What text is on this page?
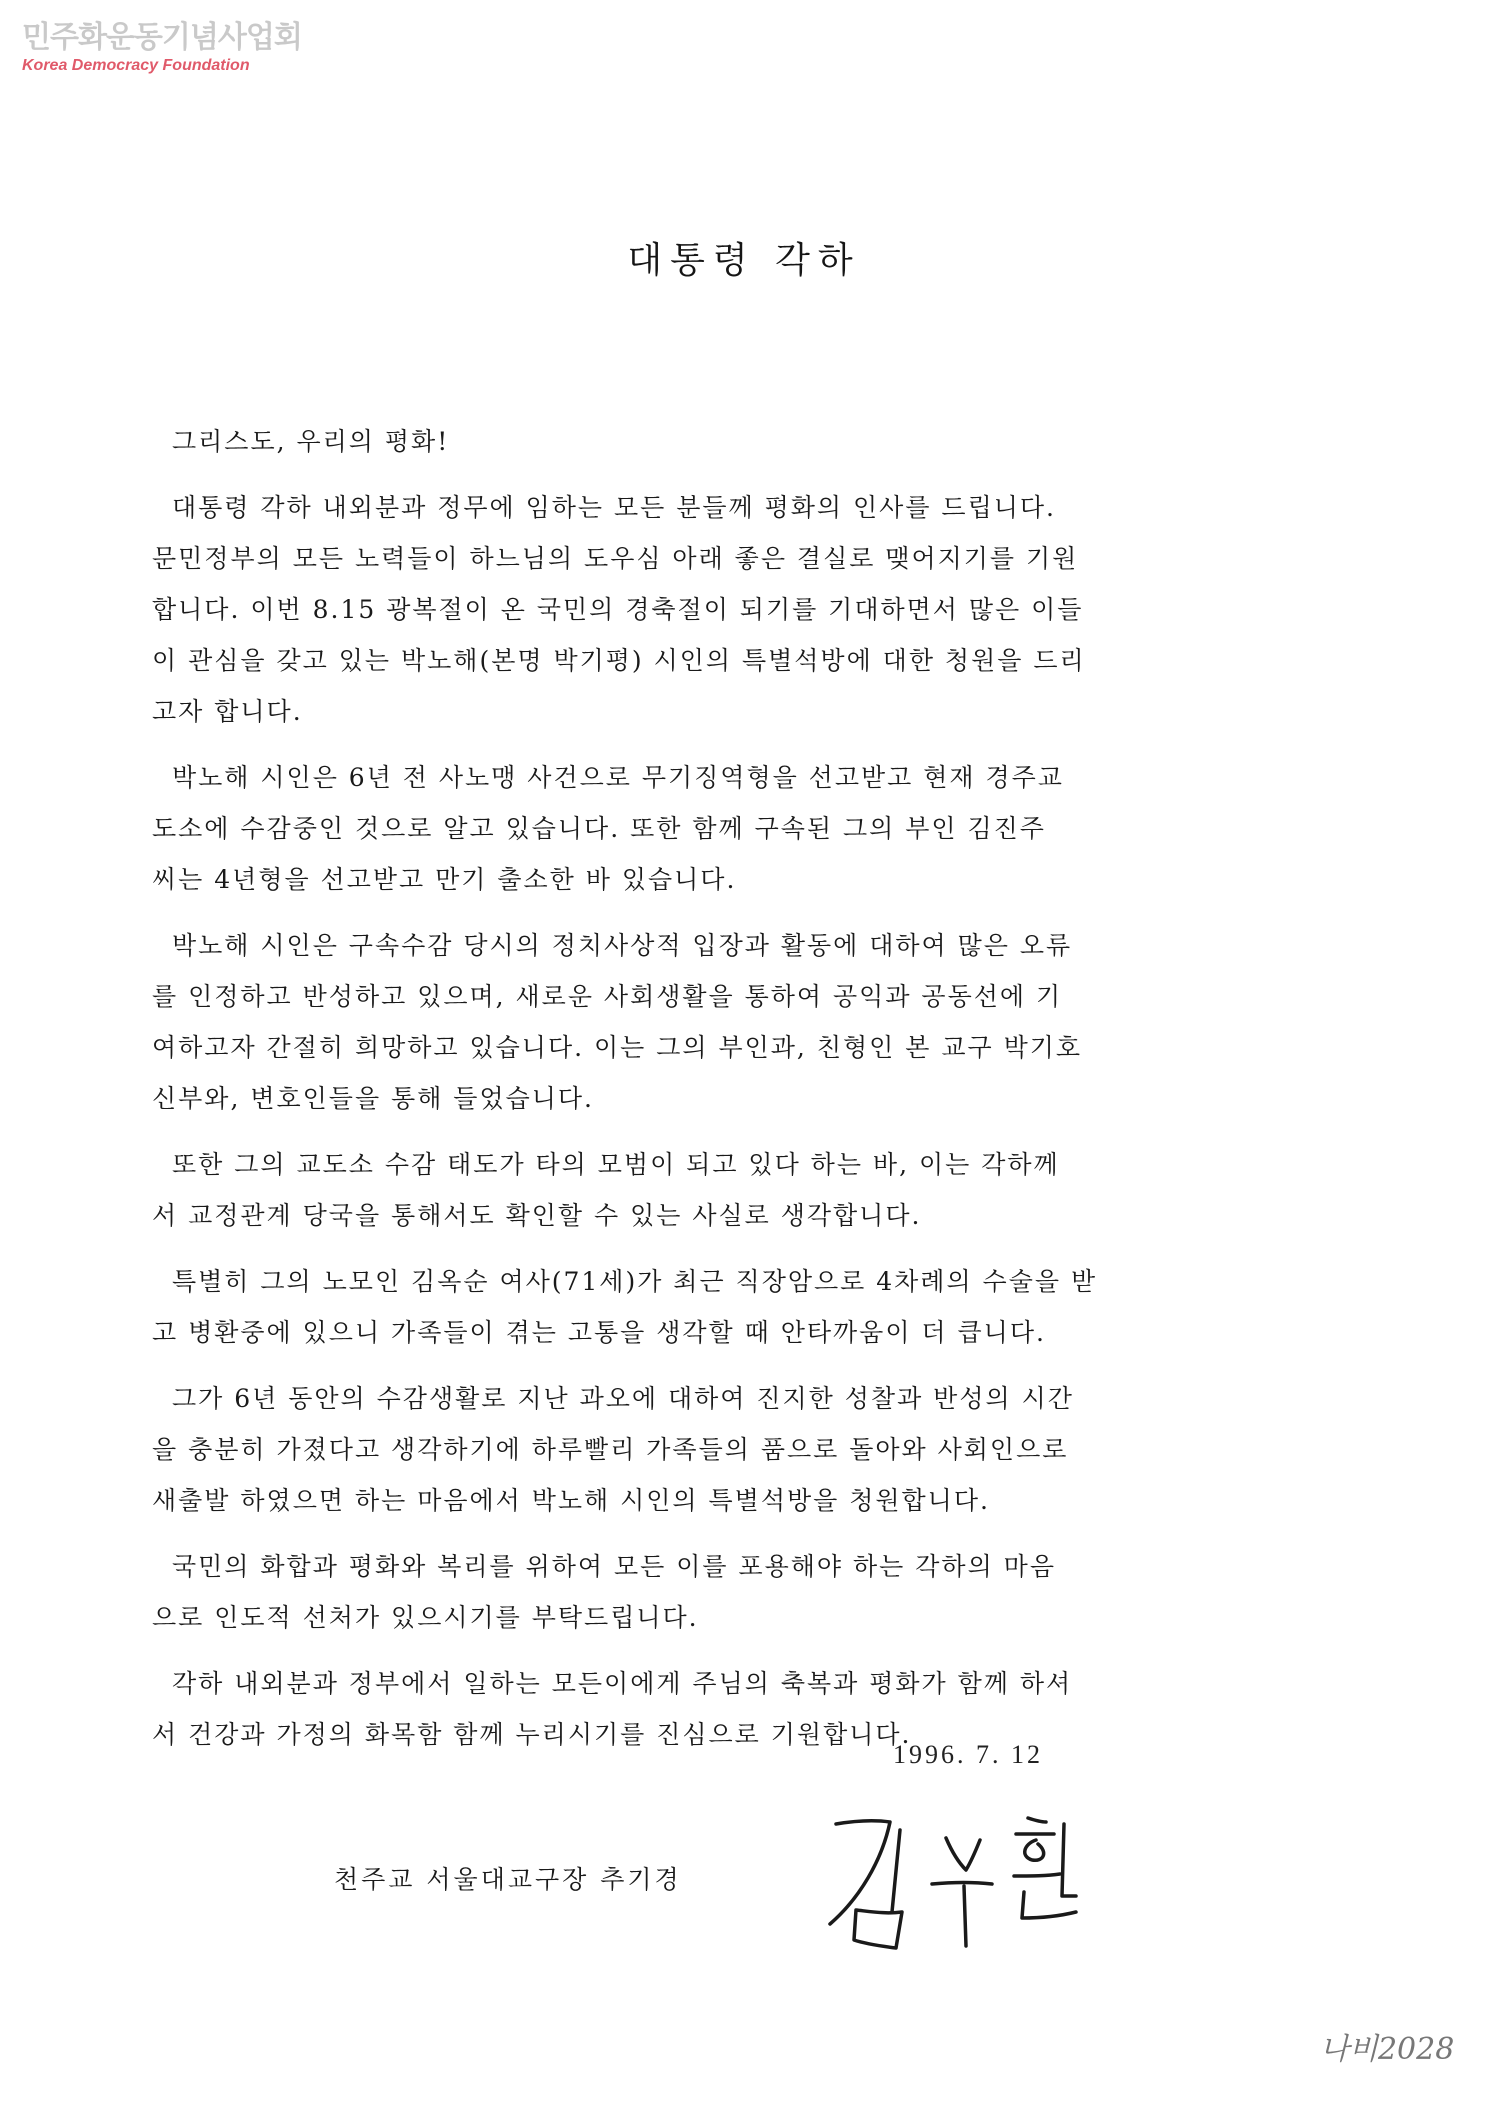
민주화운동기념사업회
Korea Democracy Foundation
대통령 각하
그리스도, 우리의 평화!
대통령 각하 내외분과 정무에 임하는 모든 분들께 평화의 인사를 드립니다.
문민정부의 모든 노력들이 하느님의 도우심 아래 좋은 결실로 맺어지기를 기원
합니다. 이번 8.15 광복절이 온 국민의 경축절이 되기를 기대하면서 많은 이들
이 관심을 갖고 있는 박노해(본명 박기평) 시인의 특별석방에 대한 청원을 드리
고자 합니다.
박노해 시인은 6년 전 사노맹 사건으로 무기징역형을 선고받고 현재 경주교
도소에 수감중인 것으로 알고 있습니다. 또한 함께 구속된 그의 부인 김진주
씨는 4년형을 선고받고 만기 출소한 바 있습니다.
박노해 시인은 구속수감 당시의 정치사상적 입장과 활동에 대하여 많은 오류
를 인정하고 반성하고 있으며, 새로운 사회생활을 통하여 공익과 공동선에 기
여하고자 간절히 희망하고 있습니다. 이는 그의 부인과, 친형인 본 교구 박기호
신부와, 변호인들을 통해 들었습니다.
또한 그의 교도소 수감 태도가 타의 모범이 되고 있다 하는 바, 이는 각하께
서 교정관계 당국을 통해서도 확인할 수 있는 사실로 생각합니다.
특별히 그의 노모인 김옥순 여사(71세)가 최근 직장암으로 4차례의 수술을 받
고 병환중에 있으니 가족들이 겪는 고통을 생각할 때 안타까움이 더 큽니다.
그가 6년 동안의 수감생활로 지난 과오에 대하여 진지한 성찰과 반성의 시간
을 충분히 가졌다고 생각하기에 하루빨리 가족들의 품으로 돌아와 사회인으로
새출발 하였으면 하는 마음에서 박노해 시인의 특별석방을 청원합니다.
국민의 화합과 평화와 복리를 위하여 모든 이를 포용해야 하는 각하의 마음
으로 인도적 선처가 있으시기를 부탁드립니다.
각하 내외분과 정부에서 일하는 모든이에게 주님의 축복과 평화가 함께 하셔
서 건강과 가정의 화목함 함께 누리시기를 진심으로 기원합니다.
1996. 7. 12
천주교 서울대교구장 추기경
나비2028
